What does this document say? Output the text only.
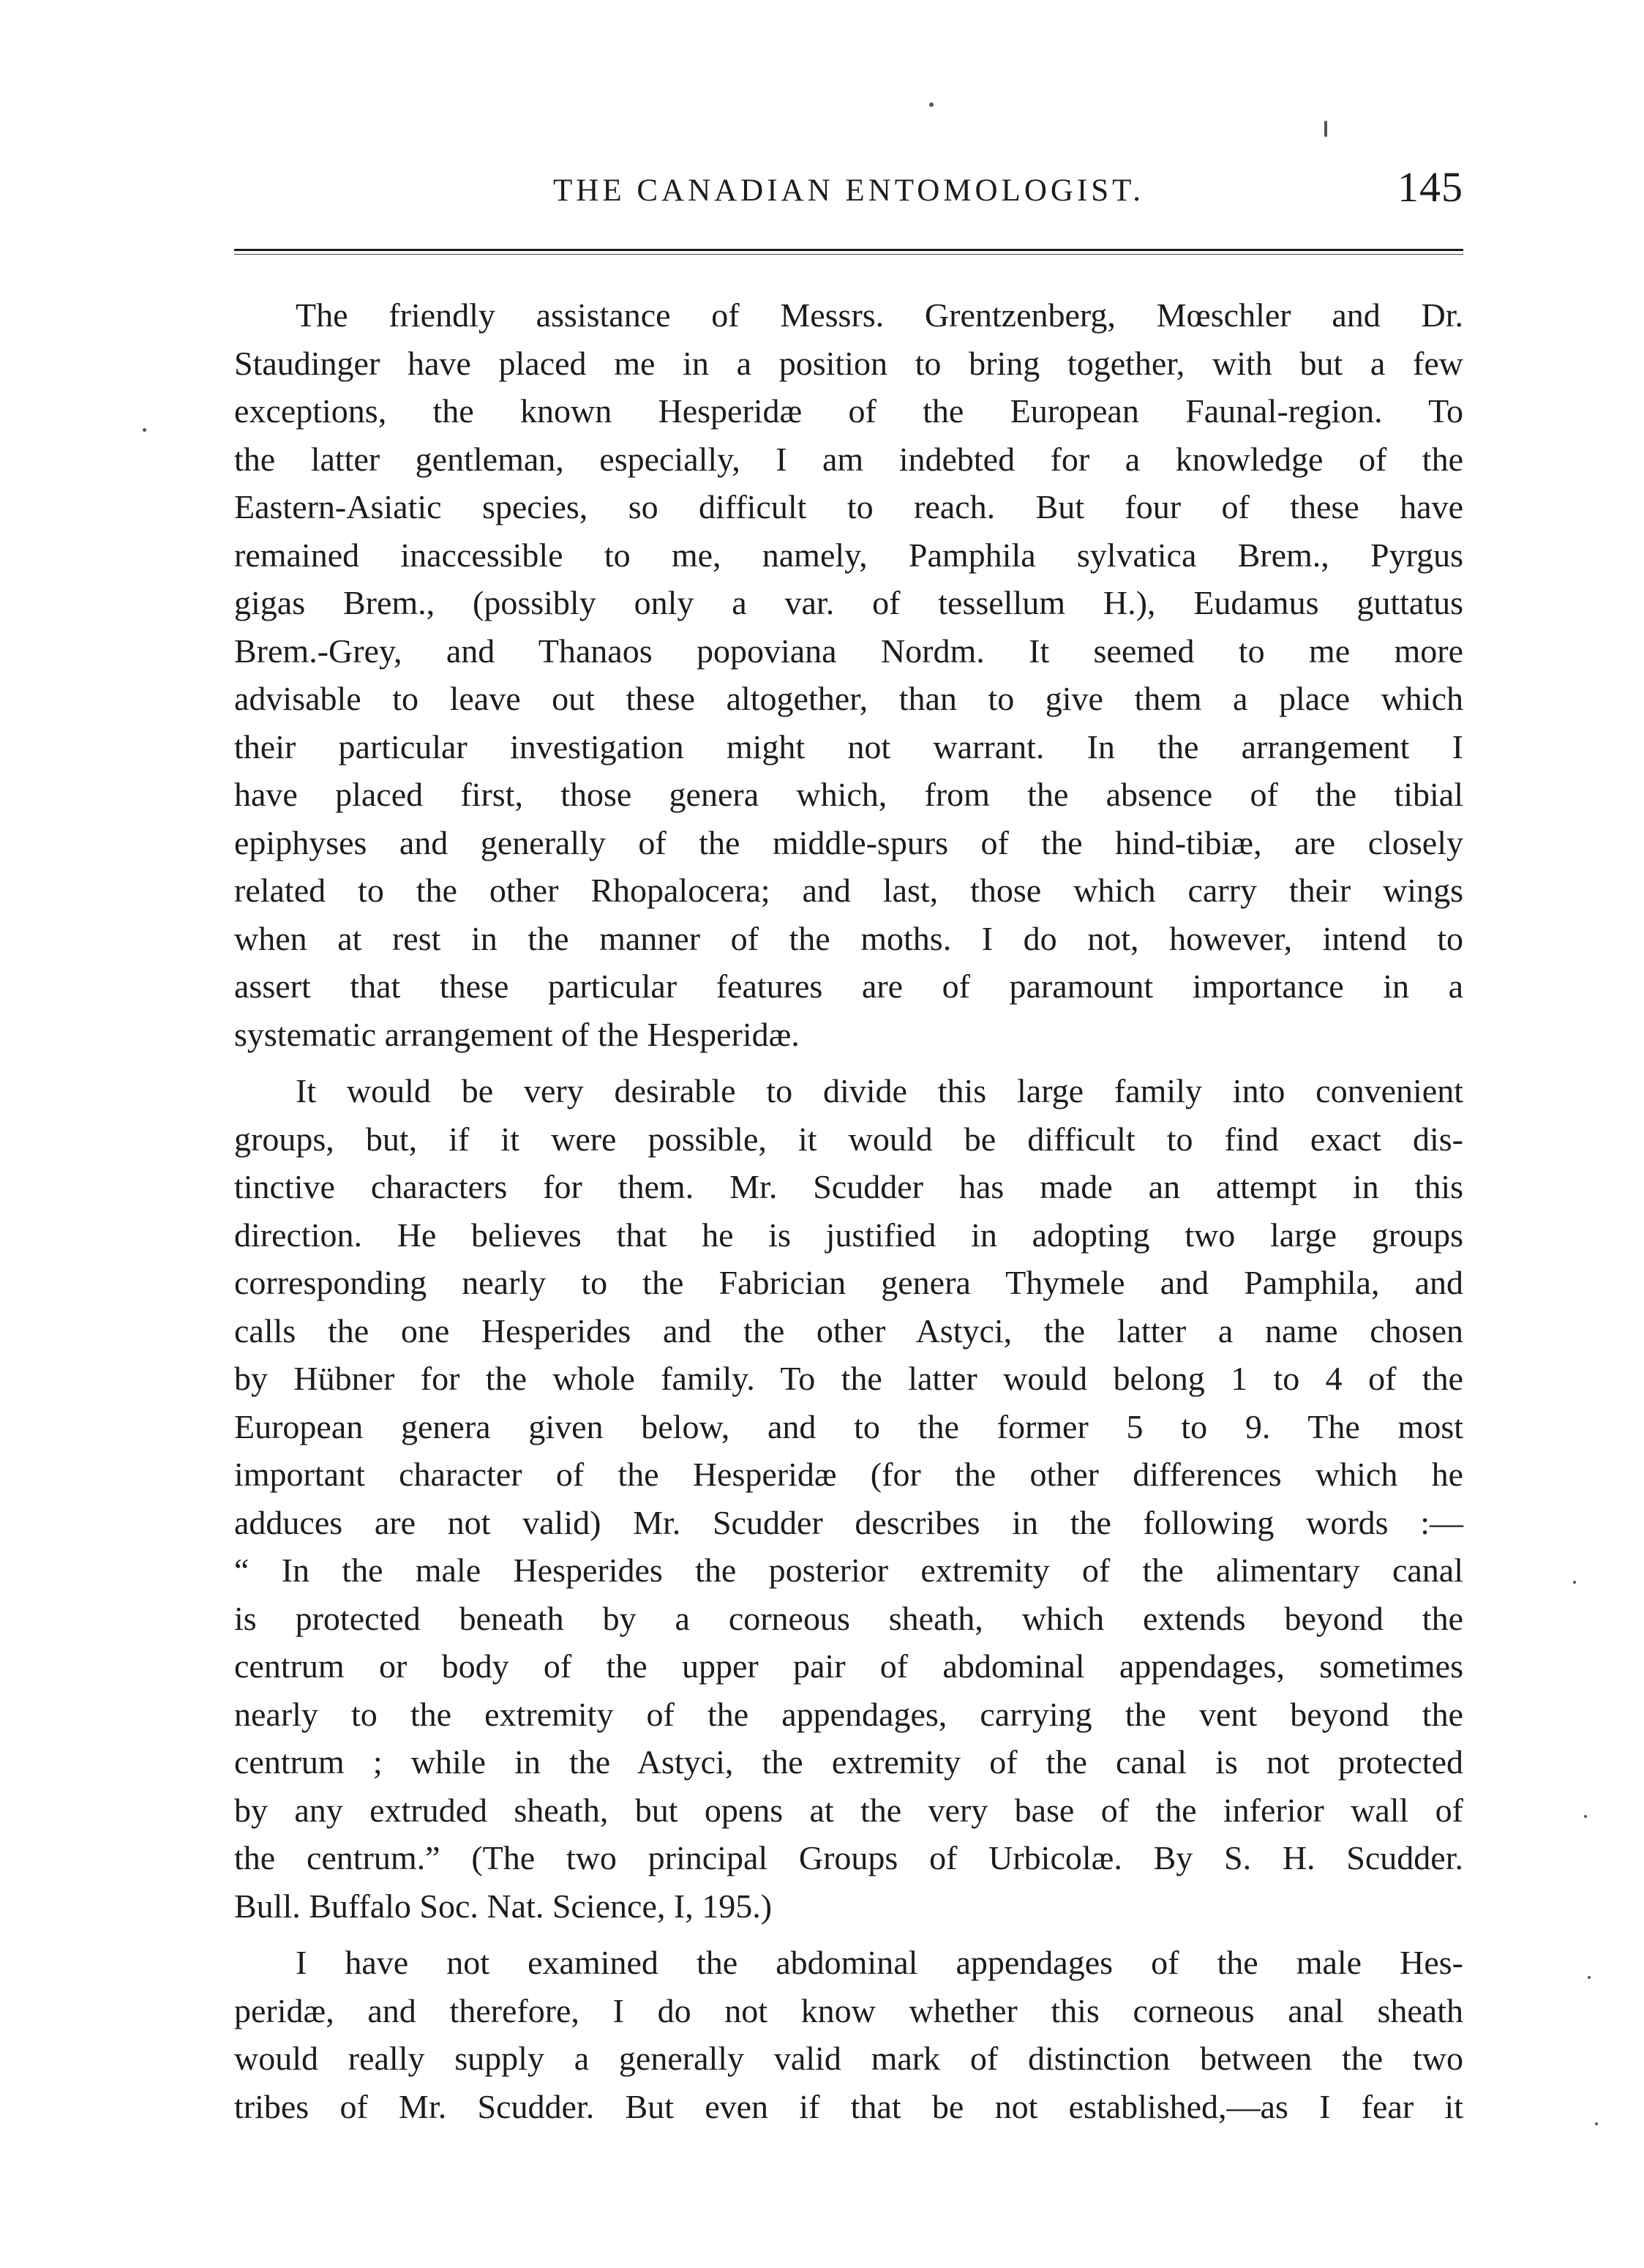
THE CANADIAN ENTOMOLOGIST.	145
The friendly assistance of Messrs. Grentzenberg, Mœschler and Dr.
Staudinger have placed me in a position to bring together, with but a few
exceptions, the known Hesperidæ of the European Faunal-region. To
the latter gentleman, especially, I am indebted for a knowledge of the
Eastern-Asiatic species, so difficult to reach. But four of these have
remained inaccessible to me, namely, Pamphila sylvatica Brem., Pyrgus
gigas Brem., (possibly only a var. of tessellum H.), Eudamus guttatus
Brem.-Grey, and Thanaos popoviana Nordm. It seemed to me more
advisable to leave out these altogether, than to give them a place which
their particular investigation might not warrant. In the arrangement I
have placed first, those genera which, from the absence of the tibial
epiphyses and generally of the middle-spurs of the hind-tibiæ, are closely
related to the other Rhopalocera; and last, those which carry their wings
when at rest in the manner of the moths. I do not, however, intend to
assert that these particular features are of paramount importance in a
systematic arrangement of the Hesperidæ.
It would be very desirable to divide this large family into convenient
groups, but, if it were possible, it would be difficult to find exact dis-
tinctive characters for them. Mr. Scudder has made an attempt in this
direction. He believes that he is justified in adopting two large groups
corresponding nearly to the Fabrician genera Thymele and Pamphila, and
calls the one Hesperides and the other Astyci, the latter a name chosen
by Hübner for the whole family. To the latter would belong 1 to 4 of the
European genera given below, and to the former 5 to 9. The most
important character of the Hesperidæ (for the other differences which he
adduces are not valid) Mr. Scudder describes in the following words :—
“ In the male Hesperides the posterior extremity of the alimentary canal
is protected beneath by a corneous sheath, which extends beyond the
centrum or body of the upper pair of abdominal appendages, sometimes
nearly to the extremity of the appendages, carrying the vent beyond the
centrum ; while in the Astyci, the extremity of the canal is not protected
by any extruded sheath, but opens at the very base of the inferior wall of
the centrum.” (The two principal Groups of Urbicolæ. By S. H. Scudder.
Bull. Buffalo Soc. Nat. Science, I, 195.)
I have not examined the abdominal appendages of the male Hes-
peridæ, and therefore, I do not know whether this corneous anal sheath
would really supply a generally valid mark of distinction between the two
tribes of Mr. Scudder. But even if that be not established,—as I fear it
